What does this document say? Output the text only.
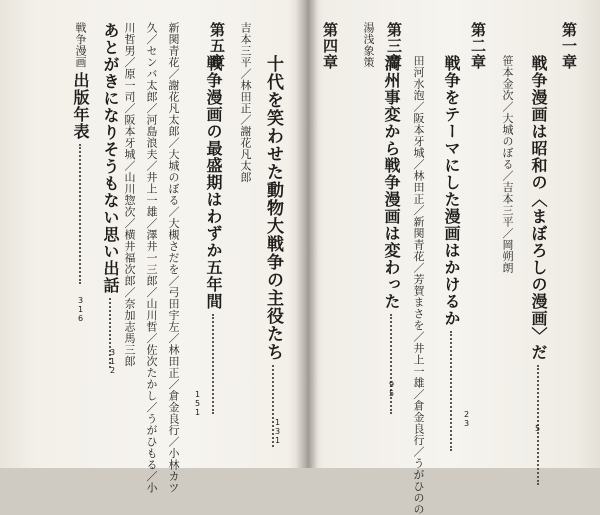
第一章
戦争漫画は昭和の〈まぼろしの漫画〉だ
5
笹本金次／大城のぼる／吉本三平／岡朔朗
第二章
戦争をテーマにした漫画はかけるか
23
田河水泡／阪本牙城／林田正／新関青花／芳賀まさを／井上一雄／倉金良行／うがひのの
第三章
湯浅象策
満州事変から戦争漫画は変わった
95
第四章
十代を笑わせた動物大戦争の主役たち
131
吉本三平／林田正／謝花凡太郎
第五章
戦争漫画の最盛期はわずか五年間
151
新関青花／謝花凡太郎／大城のぼる／大槻さだを／弓田宇左／林田正／倉金良行／小林カツ
久／センバ太郎／河島浪夫／井上一雄／澤井一三郎／山川哲／佐次たかし／うがひもる／小
川哲男／原一司／阪本牙城／山川惣次／横井福次郎／奈加志馬三郎
あとがきになりそうもない思い出話
312
戦争漫画出版年表
316
